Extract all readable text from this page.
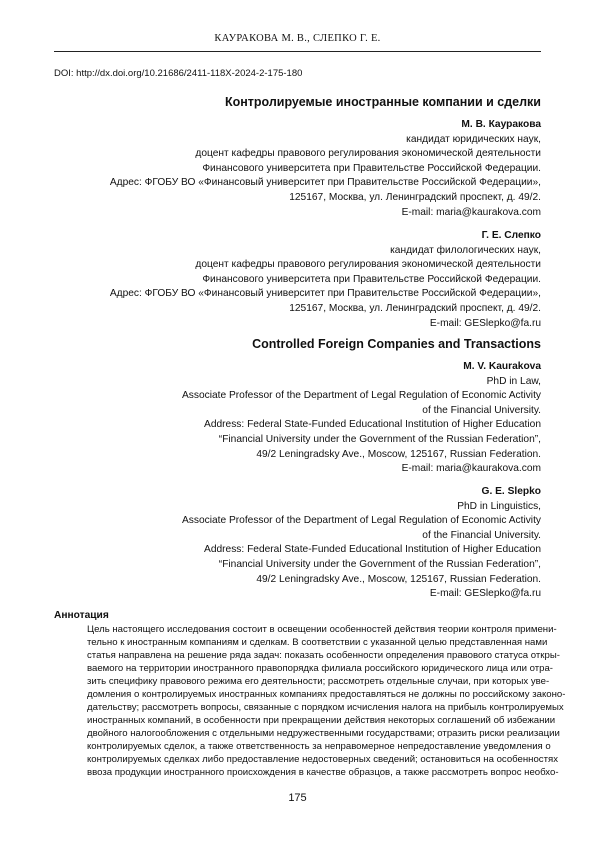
КАУРАКОВА М. В., СЛЕПКО Г. Е.
DOI: http://dx.doi.org/10.21686/2411-118X-2024-2-175-180
Контролируемые иностранные компании и сделки
М. В. Кауракова
кандидат юридических наук,
доцент кафедры правового регулирования экономической деятельности
Финансового университета при Правительстве Российской Федерации.
Адрес: ФГОБУ ВО «Финансовый университет при Правительстве Российской Федерации»,
125167, Москва, ул. Ленинградский проспект, д. 49/2.
E-mail: maria@kaurakova.com
Г. Е. Слепко
кандидат филологических наук,
доцент кафедры правового регулирования экономической деятельности
Финансового университета при Правительстве Российской Федерации.
Адрес: ФГОБУ ВО «Финансовый университет при Правительстве Российской Федерации»,
125167, Москва, ул. Ленинградский проспект, д. 49/2.
E-mail: GESlepko@fa.ru
Controlled Foreign Companies and Transactions
M. V. Kaurakova
PhD in Law,
Associate Professor of the Department of Legal Regulation of Economic Activity
of the Financial University.
Address: Federal State-Funded Educational Institution of Higher Education
“Financial University under the Government of the Russian Federation”,
49/2 Leningradsky Ave., Moscow, 125167, Russian Federation.
E-mail: maria@kaurakova.com
G. E. Slepko
PhD in Linguistics,
Associate Professor of the Department of Legal Regulation of Economic Activity
of the Financial University.
Address: Federal State-Funded Educational Institution of Higher Education
“Financial University under the Government of the Russian Federation”,
49/2 Leningradsky Ave., Moscow, 125167, Russian Federation.
E-mail: GESlepko@fa.ru
Аннотация
Цель настоящего исследования состоит в освещении особенностей действия теории контроля примени-
тельно к иностранным компаниям и сделкам. В соответствии с указанной целью представленная нами
статья направлена на решение ряда задач: показать особенности определения правового статуса откры-
ваемого на территории иностранного правопорядка филиала российского юридического лица или отра-
зить специфику правового режима его деятельности; рассмотреть отдельные случаи, при которых уве-
домления о контролируемых иностранных компаниях предоставляться не должны по российскому законо-
дательству; рассмотреть вопросы, связанные с порядком исчисления налога на прибыль контролируемых
иностранных компаний, в особенности при прекращении действия некоторых соглашений об избежании
двойного налогообложения с отдельными недружественными государствами; отразить риски реализации
контролируемых сделок, а также ответственность за неправомерное непредоставление уведомления о
контролируемых сделках либо предоставление недостоверных сведений; остановиться на особенностях
ввоза продукции иностранного происхождения в качестве образцов, а также рассмотреть вопрос необхо-
175
